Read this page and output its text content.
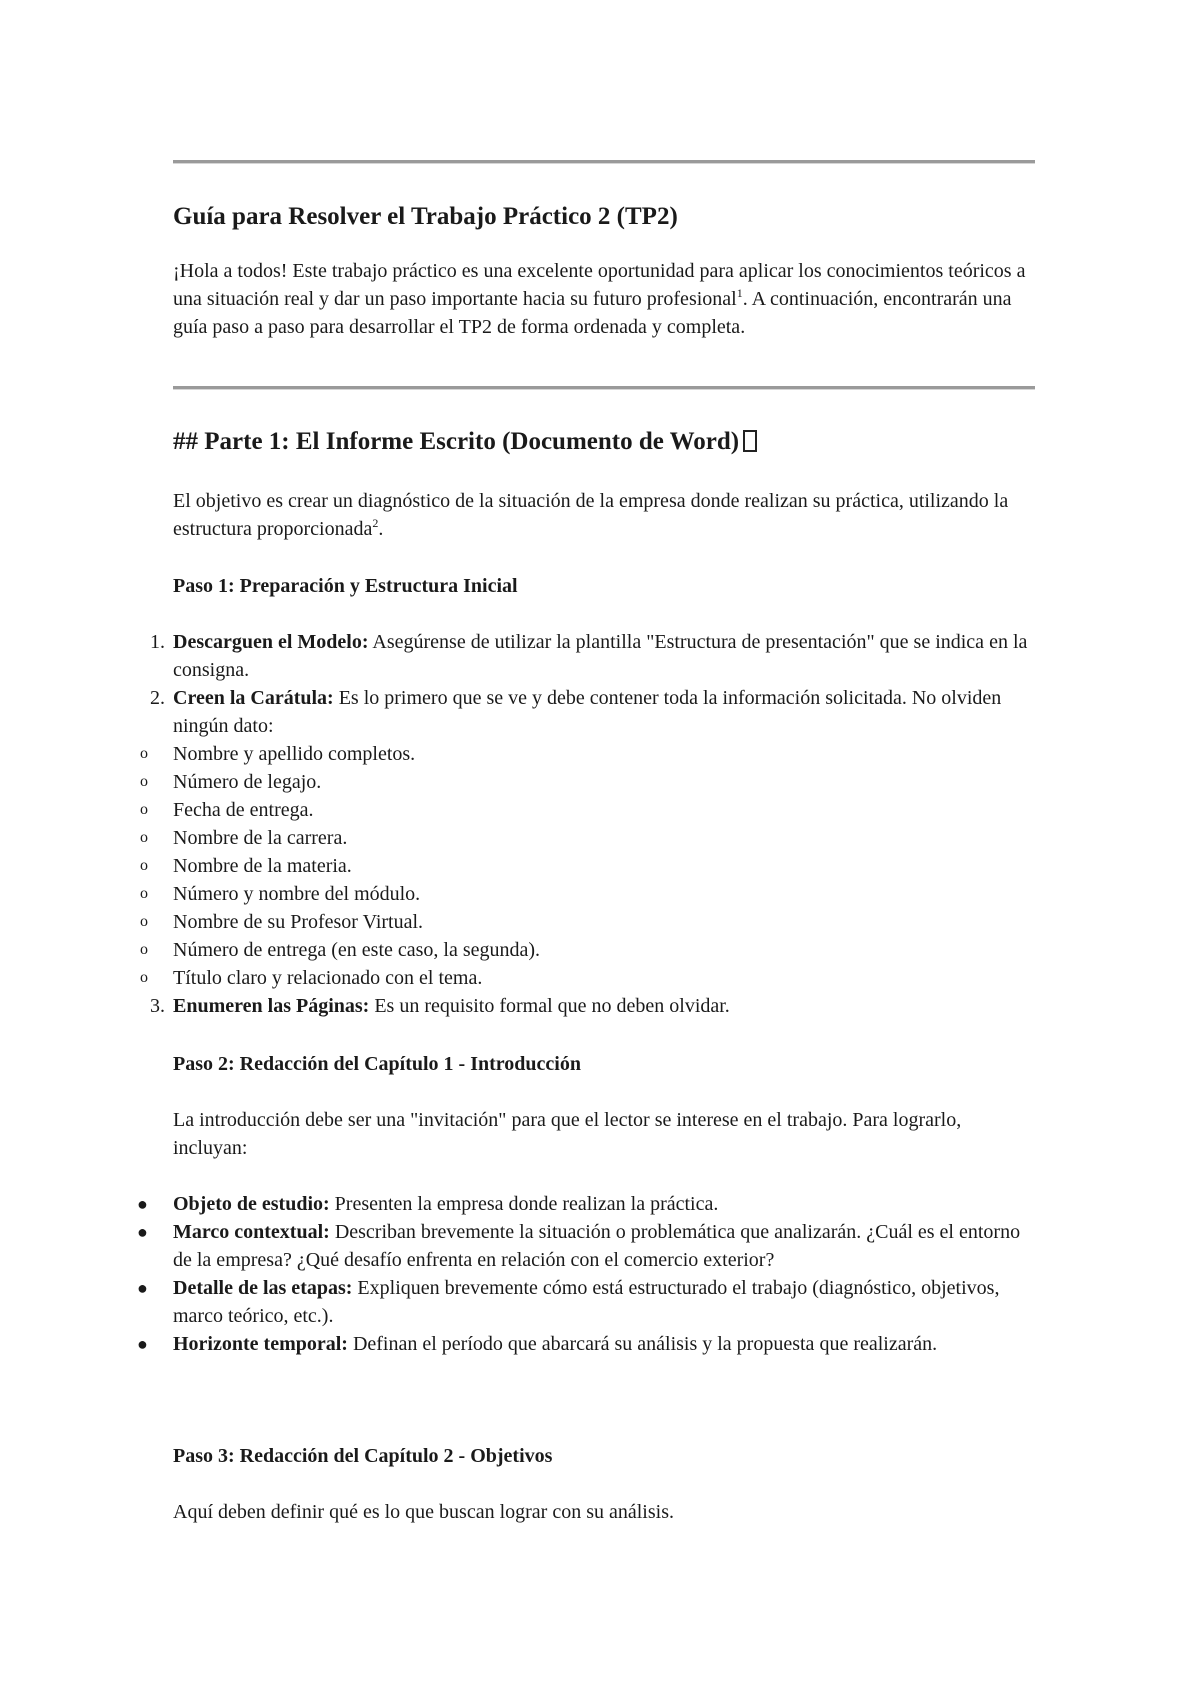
Guía para Resolver el Trabajo Práctico 2 (TP2)

¡Hola a todos! Este trabajo práctico es una excelente oportunidad para aplicar los conocimientos teóricos a una situación real y dar un paso importante hacia su futuro profesional$^1$. A continuación, encontrarán una guía paso a paso para desarrollar el TP2 de forma ordenada y completa.

## Parte 1: El Informe Escrito (Documento de Word)

El objetivo es crear un diagnóstico de la situación de la empresa donde realizan su práctica, utilizando la estructura proporcionada$^2$.

Paso 1: Preparación y Estructura Inicial
1. Descarguen el Modelo: Asegúrense de utilizar la plantilla "Estructura de presentación" que se indica en la consigna.
2. Creen la Carátula: Es lo primero que se ve y debe contener toda la información solicitada. No olviden ningún dato:
o	Nombre y apellido completos.
o	Número de legajo.
o	Fecha de entrega.
o	Nombre de la carrera.
o	Nombre de la materia.
o	Número y nombre del módulo.
o	Nombre de su Profesor Virtual.
o	Número de entrega (en este caso, la segunda).
o	Título claro y relacionado con el tema.
3. Enumeren las Páginas: Es un requisito formal que no deben olvidar.
Paso 2: Redacción del Capítulo 1 - Introducción

La introducción debe ser una "invitación" para que el lector se interese en el trabajo. Para lograrlo, incluyan:

●	Objeto de estudio: Presenten la empresa donde realizan la práctica.
●	Marco contextual: Describan brevemente la situación o problemática que analizarán. ¿Cuál es el entorno de la empresa? ¿Qué desafío enfrenta en relación con el comercio exterior?
●	Detalle de las etapas: Expliquen brevemente cómo está estructurado el trabajo (diagnóstico, objetivos, marco teórico, etc.).
●	Horizonte temporal: Definan el período que abarcará su análisis y la propuesta que realizarán.
Paso 3: Redacción del Capítulo 2 - Objetivos

Aquí deben definir qué es lo que buscan lograr con su análisis.
